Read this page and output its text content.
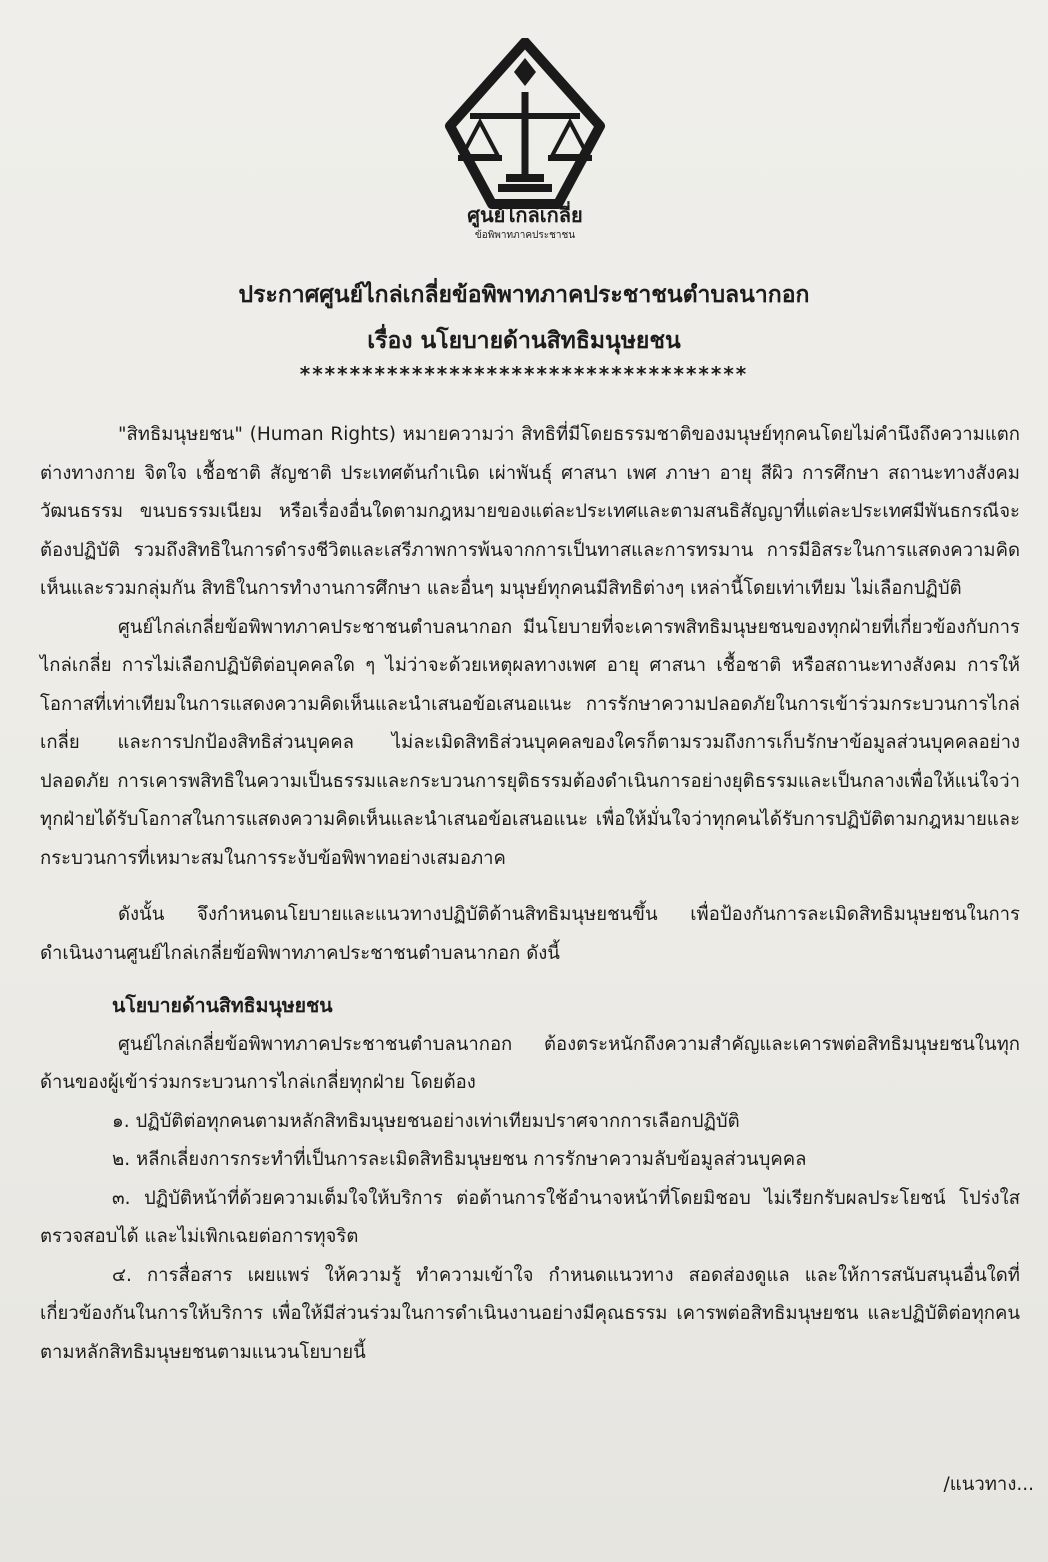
ศูนย์ไกล่เกลี่ย
ข้อพิพาทภาคประชาชน
ประกาศศูนย์ไกล่เกลี่ยข้อพิพาทภาคประชาชนตำบลนากอก
เรื่อง นโยบายด้านสิทธิมนุษยชน
************************************

"สิทธิมนุษยชน" (Human Rights) หมายความว่า สิทธิที่มีโดยธรรมชาติของมนุษย์ทุกคนโดยไม่คำนึงถึงความแตกต่างทางกาย จิตใจ เชื้อชาติ สัญชาติ ประเทศต้นกำเนิด เผ่าพันธุ์ ศาสนา เพศ ภาษา อายุ สีผิว การศึกษา สถานะทางสังคม วัฒนธรรม ขนบธรรมเนียม หรือเรื่องอื่นใดตามกฎหมายของแต่ละประเทศและตามสนธิสัญญาที่แต่ละประเทศมีพันธกรณีจะต้องปฏิบัติ รวมถึงสิทธิในการดำรงชีวิตและเสรีภาพการพ้นจากการเป็นทาสและการทรมาน การมีอิสระในการแสดงความคิดเห็นและรวมกลุ่มกัน สิทธิในการทำงานการศึกษา และอื่นๆ มนุษย์ทุกคนมีสิทธิต่างๆ เหล่านี้โดยเท่าเทียม ไม่เลือกปฏิบัติ

ศูนย์ไกล่เกลี่ยข้อพิพาทภาคประชาชนตำบลนากอก มีนโยบายที่จะเคารพสิทธิมนุษยชนของทุกฝ่ายที่เกี่ยวข้องกับการไกล่เกลี่ย การไม่เลือกปฏิบัติต่อบุคคลใด ๆ ไม่ว่าจะด้วยเหตุผลทางเพศ อายุ ศาสนา เชื้อชาติ หรือสถานะทางสังคม การให้โอกาสที่เท่าเทียมในการแสดงความคิดเห็นและนำเสนอข้อเสนอแนะ การรักษาความปลอดภัยในการเข้าร่วมกระบวนการไกล่เกลี่ย และการปกป้องสิทธิส่วนบุคคล ไม่ละเมิดสิทธิส่วนบุคคลของใครก็ตามรวมถึงการเก็บรักษาข้อมูลส่วนบุคคลอย่างปลอดภัย การเคารพสิทธิในความเป็นธรรมและกระบวนการยุติธรรมต้องดำเนินการอย่างยุติธรรมและเป็นกลางเพื่อให้แน่ใจว่าทุกฝ่ายได้รับโอกาสในการแสดงความคิดเห็นและนำเสนอข้อเสนอแนะ เพื่อให้มั่นใจว่าทุกคนได้รับการปฏิบัติตามกฎหมายและกระบวนการที่เหมาะสมในการระงับข้อพิพาทอย่างเสมอภาค

ดังนั้น จึงกำหนดนโยบายและแนวทางปฏิบัติด้านสิทธิมนุษยชนขึ้น เพื่อป้องกันการละเมิดสิทธิมนุษยชนในการดำเนินงานศูนย์ไกล่เกลี่ยข้อพิพาทภาคประชาชนตำบลนากอก ดังนี้

นโยบายด้านสิทธิมนุษยชน

ศูนย์ไกล่เกลี่ยข้อพิพาทภาคประชาชนตำบลนากอก ต้องตระหนักถึงความสำคัญและเคารพต่อสิทธิมนุษยชนในทุกด้านของผู้เข้าร่วมกระบวนการไกล่เกลี่ยทุกฝ่าย โดยต้อง

๑. ปฏิบัติต่อทุกคนตามหลักสิทธิมนุษยชนอย่างเท่าเทียมปราศจากการเลือกปฏิบัติ

๒. หลีกเลี่ยงการกระทำที่เป็นการละเมิดสิทธิมนุษยชน การรักษาความลับข้อมูลส่วนบุคคล

๓. ปฏิบัติหน้าที่ด้วยความเต็มใจให้บริการ ต่อต้านการใช้อำนาจหน้าที่โดยมิชอบ ไม่เรียกรับผลประโยชน์ โปร่งใส ตรวจสอบได้ และไม่เพิกเฉยต่อการทุจริต

๔. การสื่อสาร เผยแพร่ ให้ความรู้ ทำความเข้าใจ กำหนดแนวทาง สอดส่องดูแล และให้การสนับสนุนอื่นใดที่เกี่ยวข้องกันในการให้บริการ เพื่อให้มีส่วนร่วมในการดำเนินงานอย่างมีคุณธรรม เคารพต่อสิทธิมนุษยชน และปฏิบัติต่อทุกคนตามหลักสิทธิมนุษยชนตามแนวนโยบายนี้

/แนวทาง...
